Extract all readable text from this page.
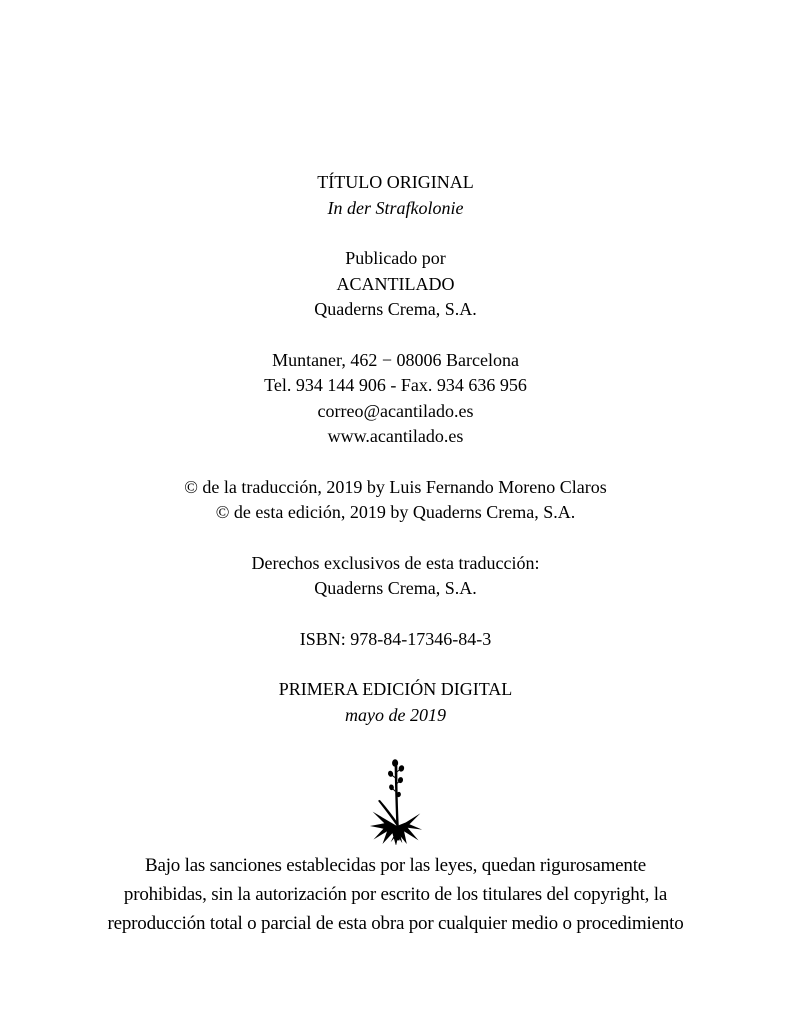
TÍTULO ORIGINAL
In der Strafkolonie
Publicado por
ACANTILADO
Quaderns Crema, S.A.
Muntaner, 462 − 08006 Barcelona
Tel. 934 144 906 - Fax. 934 636 956
correo@acantilado.es
www.acantilado.es
© de la traducción, 2019 by Luis Fernando Moreno Claros
© de esta edición, 2019 by Quaderns Crema, S.A.
Derechos exclusivos de esta traducción:
Quaderns Crema, S.A.
ISBN: 978-84-17346-84-3
PRIMERA EDICIÓN DIGITAL
mayo de 2019
Bajo las sanciones establecidas por las leyes, quedan rigurosamente
prohibidas, sin la autorización por escrito de los titulares del copyright, la
reproducción total o parcial de esta obra por cualquier medio o procedimiento
